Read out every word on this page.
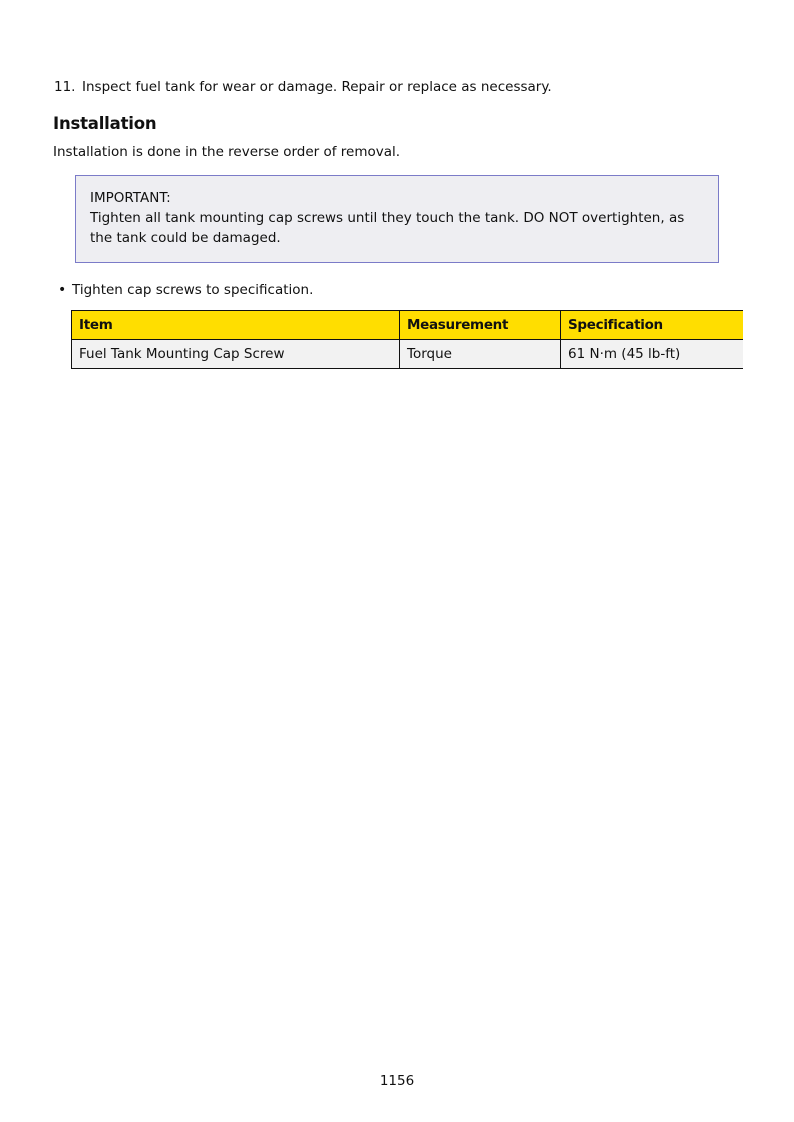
11. Inspect fuel tank for wear or damage. Repair or replace as necessary.
Installation
Installation is done in the reverse order of removal.
IMPORTANT:
Tighten all tank mounting cap screws until they touch the tank. DO NOT overtighten, as the tank could be damaged.
• Tighten cap screws to specification.
Item	Measurement	Specification
Fuel Tank Mounting Cap Screw	Torque	61 N·m (45 lb-ft)
1156
